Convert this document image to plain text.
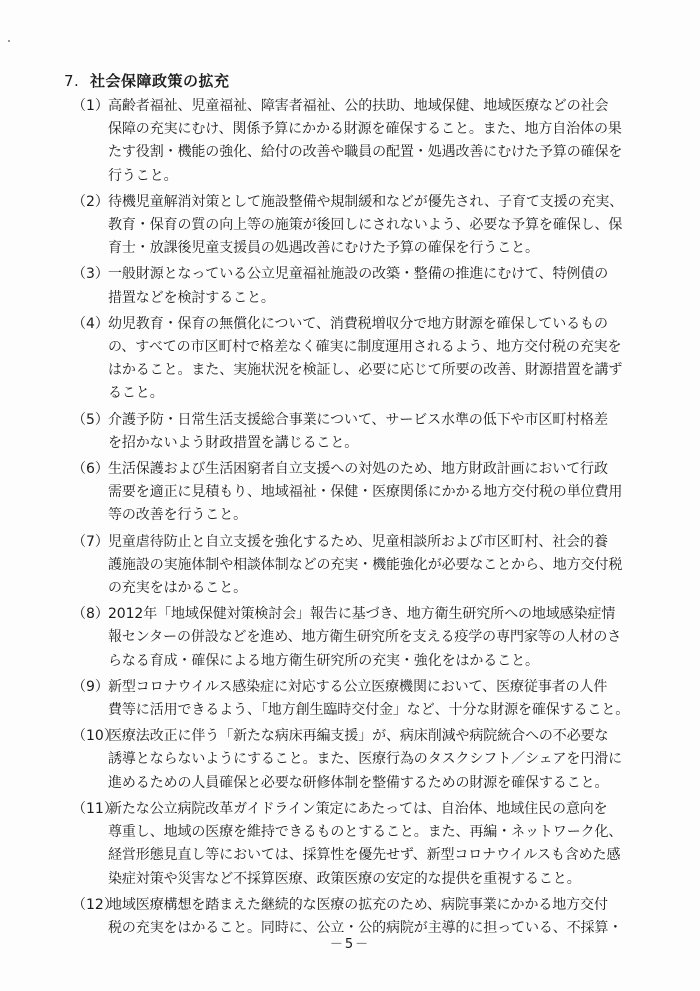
7. 社会保障政策の拡充
（1） 高齢者福祉、児童福祉、障害者福祉、公的扶助、地域保健、地域医療などの社会
保障の充実にむけ、関係予算にかかる財源を確保すること。また、地方自治体の果
たす役割・機能の強化、給付の改善や職員の配置・処遇改善にむけた予算の確保を
行うこと。
（2） 待機児童解消対策として施設整備や規制緩和などが優先され、子育て支援の充実、
教育・保育の質の向上等の施策が後回しにされないよう、必要な予算を確保し、保
育士・放課後児童支援員の処遇改善にむけた予算の確保を行うこと。
（3） 一般財源となっている公立児童福祉施設の改築・整備の推進にむけて、特例債の
措置などを検討すること。
（4） 幼児教育・保育の無償化について、消費税増収分で地方財源を確保しているもの
の、すべての市区町村で格差なく確実に制度運用されるよう、地方交付税の充実を
はかること。また、実施状況を検証し、必要に応じて所要の改善、財源措置を講ず
ること。
（5） 介護予防・日常生活支援総合事業について、サービス水準の低下や市区町村格差
を招かないよう財政措置を講じること。
（6） 生活保護および生活困窮者自立支援への対処のため、地方財政計画において行政
需要を適正に見積もり、地域福祉・保健・医療関係にかかる地方交付税の単位費用
等の改善を行うこと。
（7） 児童虐待防止と自立支援を強化するため、児童相談所および市区町村、社会的養
護施設の実施体制や相談体制などの充実・機能強化が必要なことから、地方交付税
の充実をはかること。
（8） 2012年「地域保健対策検討会」報告に基づき、地方衛生研究所への地域感染症情
報センターの併設などを進め、地方衛生研究所を支える疫学の専門家等の人材のさ
らなる育成・確保による地方衛生研究所の充実・強化をはかること。
（9） 新型コロナウイルス感染症に対応する公立医療機関において、医療従事者の人件
費等に活用できるよう、「地方創生臨時交付金」など、十分な財源を確保すること。
（10）
医療法改正に伴う「新たな病床再編支援」が、病床削減や病院統合への不必要な
誘導とならないようにすること。また、医療行為のタスクシフト／シェアを円滑に
進めるための人員確保と必要な研修体制を整備するための財源を確保すること。
（11）
新たな公立病院改革ガイドライン策定にあたっては、自治体、地域住民の意向を
尊重し、地域の医療を維持できるものとすること。また、再編・ネットワーク化、
経営形態見直し等においては、採算性を優先せず、新型コロナウイルスも含めた感
染症対策や災害など不採算医療、政策医療の安定的な提供を重視すること。
（12）
地域医療構想を踏まえた継続的な医療の拡充のため、病院事業にかかる地方交付
税の充実をはかること。同時に、公立・公的病院が主導的に担っている、不採算・
－5－
